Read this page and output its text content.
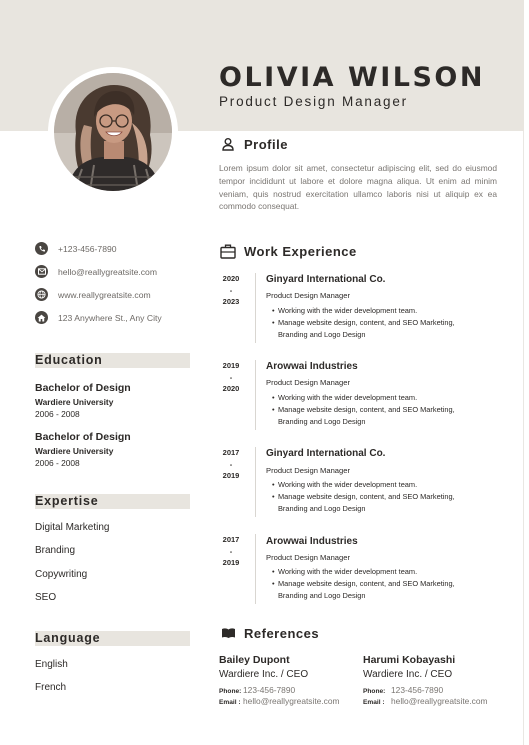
OLIVIA WILSON
Product Design Manager
Profile
Lorem ipsum dolor sit amet, consectetur adipiscing elit, sed do eiusmod tempor incididunt ut labore et dolore magna aliqua. Ut enim ad minim veniam, quis nostrud exercitation ullamco laboris nisi ut aliquip ex ea commodo consequat.
+123-456-7890
hello@reallygreatsite.com
www.reallygreatsite.com
123 Anywhere St., Any City
Education
Bachelor of Design
Wardiere University
2006 - 2008
Bachelor of Design
Wardiere University
2006 - 2008
Expertise
Digital Marketing
Branding
Copywriting
SEO
Language
English
French
Work Experience
2020
-
2023
Ginyard International Co.
Product Design Manager
• Working with the wider development team.
• Manage website design, content, and SEO Marketing, Branding and Logo Design
2019
-
2020
Arowwai Industries
Product Design Manager
• Working with the wider development team.
• Manage website design, content, and SEO Marketing, Branding and Logo Design
2017
-
2019
Ginyard International Co.
Product Design Manager
• Working with the wider development team.
• Manage website design, content, and SEO Marketing, Branding and Logo Design
2017
-
2019
Arowwai Industries
Product Design Manager
• Working with the wider development team.
• Manage website design, content, and SEO Marketing, Branding and Logo Design
References
Bailey Dupont
Wardiere Inc. / CEO
Phone: 123-456-7890
Email : hello@reallygreatsite.com
Harumi Kobayashi
Wardiere Inc. / CEO
Phone: 123-456-7890
Email : hello@reallygreatsite.com
